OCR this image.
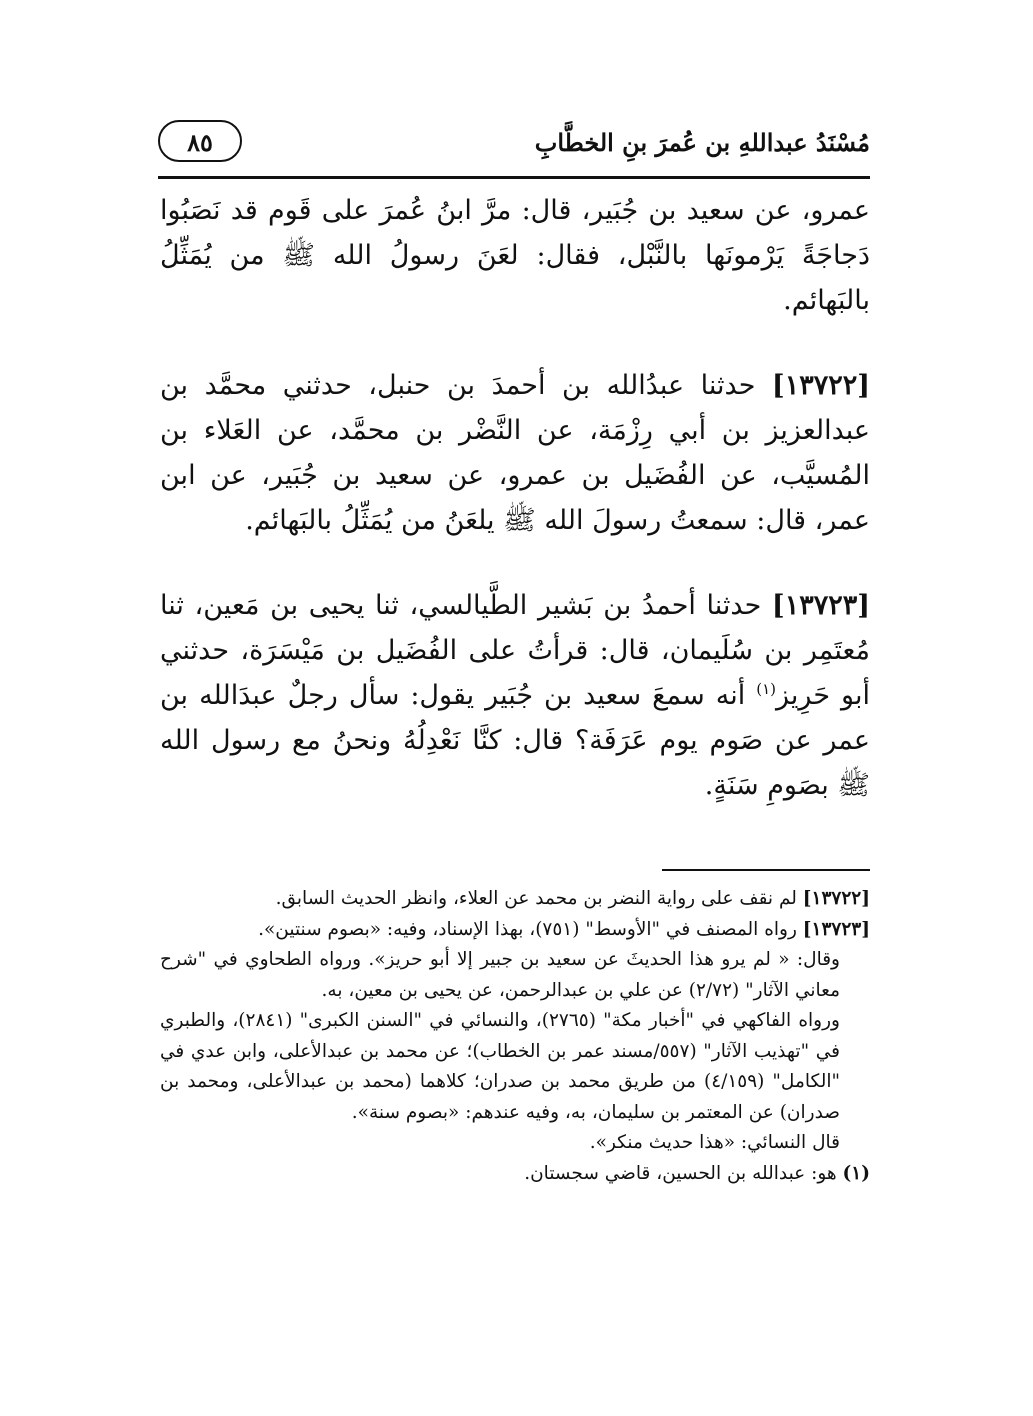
مُسْنَدُ عبداللهِ بن عُمرَ بنِ الخطَّابِ
٨٥

عمرو، عن سعيد بن جُبَير، قال: مرَّ ابنُ عُمرَ على قَوم قد نَصَبُوا دَجاجَةً يَرْمونَها بالنَّبْل، فقال: لعَنَ رسولُ الله ﷺ من يُمَثِّلُ بالبَهائم.

[١٣٧٢٢] حدثنا عبدُالله بن أحمدَ بن حنبل، حدثني محمَّد بن عبدالعزيز بن أبي رِزْمَة، عن النَّضْر بن محمَّد، عن العَلاء بن المُسيَّب، عن الفُضَيل بن عمرو، عن سعيد بن جُبَير، عن ابن عمر، قال: سمعتُ رسولَ الله ﷺ يلعَنُ من يُمَثِّلُ بالبَهائم.

[١٣٧٢٣] حدثنا أحمدُ بن بَشير الطَّيالسي، ثنا يحيى بن مَعين، ثنا مُعتَمِر بن سُلَيمان، قال: قرأتُ على الفُضَيل بن مَيْسَرَة، حدثني أبو حَرِيز$^{(١)}$ أنه سمعَ سعيد بن جُبَير يقول: سأل رجلٌ عبدَالله بن عمر عن صَوم يوم عَرَفَة؟ قال: كنَّا نَعْدِلُهُ ونحنُ مع رسول الله ﷺ بصَومِ سَنَةٍ.

[١٣٧٢٢] لم نقف على رواية النضر بن محمد عن العلاء، وانظر الحديث السابق.

[١٣٧٢٣] رواه المصنف في "الأوسط" (٧٥١)، بهذا الإسناد، وفيه: «بصوم سنتين».

وقال: « لم يرو هذا الحديثَ عن سعيد بن جبير إلا أبو حريز». ورواه الطحاوي في "شرح معاني الآثار" (٢/٧٢) عن علي بن عبدالرحمن، عن يحيى بن معين، به.

ورواه الفاكهي في "أخبار مكة" (٢٧٦٥)، والنسائي في "السنن الكبرى" (٢٨٤١)، والطبري في "تهذيب الآثار" (٥٥٧/مسند عمر بن الخطاب)؛ عن محمد بن عبدالأعلى، وابن عدي في "الكامل" (٤/١٥٩) من طريق محمد بن صدران؛ كلاهما (محمد بن عبدالأعلى، ومحمد بن صدران) عن المعتمر بن سليمان، به، وفيه عندهم: «بصوم سنة».

قال النسائي: «هذا حديث منكر».

(١) هو: عبدالله بن الحسين، قاضي سجستان.
